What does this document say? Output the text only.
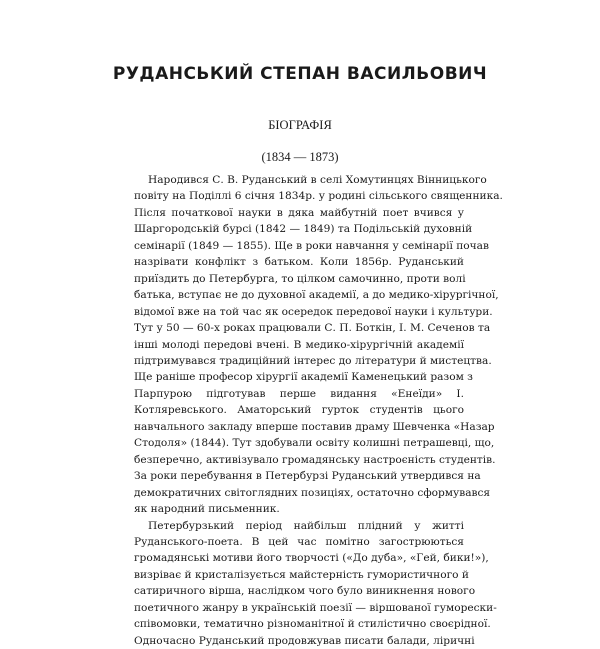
РУДАНСЬКИЙ СТЕПАН ВАСИЛЬОВИЧ
БІОГРАФІЯ
(1834 — 1873)
Народився С. В. Руданський в селі Хомутинцях Вінницького
повіту на Поділлі 6 січня 1834р. у родині сільського священника.
Після початкової науки в дяка майбутній поет вчився у
Шаргородській бурсі (1842 — 1849) та Подільській духовній
семінарії (1849 — 1855). Ще в роки навчання у семінарії почав
назрівати конфлікт з батьком. Коли 1856р. Руданський
приїздить до Петербурга, то цілком самочинно, проти волі
батька, вступає не до духовної академії, а до медико-хірургічної,
відомої вже на той час як осередок передової науки і культури.
Тут у 50 — 60-х роках працювали С. П. Боткін, І. М. Сеченов та
інші молоді передові вчені. В медико-хірургічній академії
підтримувався традиційний інтерес до літератури й мистецтва.
Ще раніше професор хірургії академії Каменецький разом з
Парпурою підготував перше видання «Енеїди» І.
Котляревського. Аматорський гурток студентів цього
навчального закладу вперше поставив драму Шевченка «Назар
Стодоля» (1844). Тут здобували освіту колишні петрашевці, що,
безперечно, активізувало громадянську настроєність студентів.
За роки перебування в Петербурзі Руданський утвердився на
демократичних світоглядних позиціях, остаточно сформувався
як народний письменник.
Петербурзький період найбільш плідний у житті
Руданського-поета. В цей час помітно загострюються
громадянські мотиви його творчості («До дуба», «Гей, бики!»),
визріває й кристалізується майстерність гумористичного й
сатиричного вірша, наслідком чого було виникнення нового
поетичного жанру в українській поезії — віршованої гуморески-
співомовки, тематично різноманітної й стилістично своєрідної.
Одночасно Руданський продовжував писати балади, ліричні
